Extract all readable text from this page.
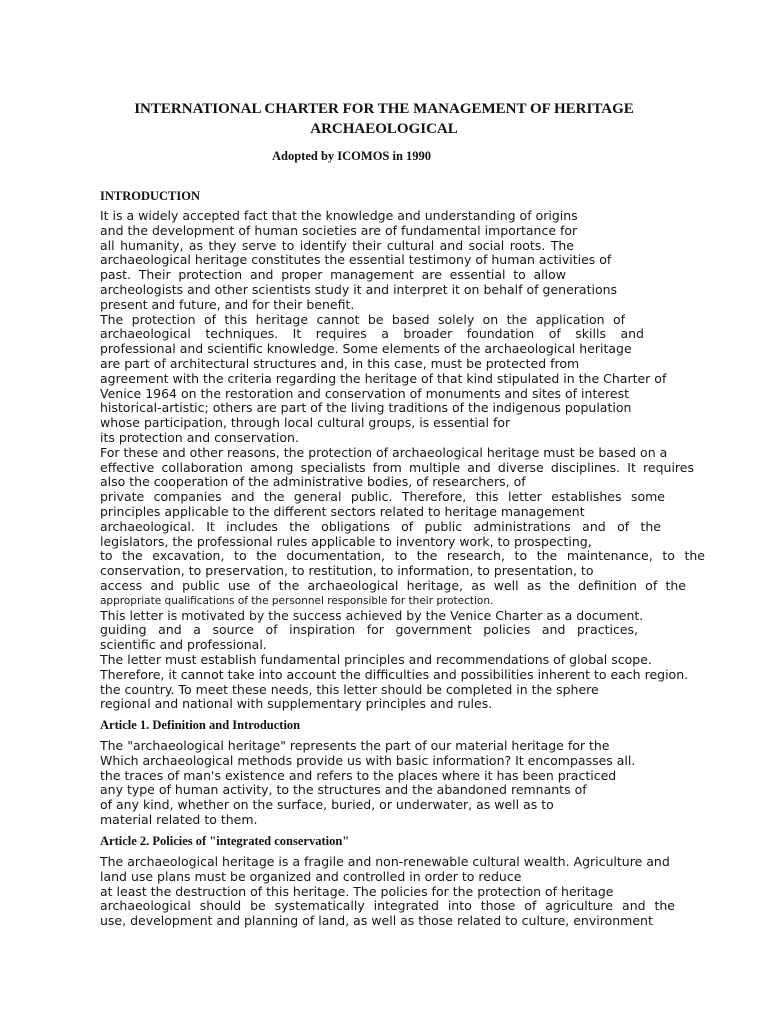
INTERNATIONAL CHARTER FOR THE MANAGEMENT OF HERITAGE
ARCHAEOLOGICAL

Adopted by ICOMOS in 1990

INTRODUCTION
It is a widely accepted fact that the knowledge and understanding of origins
and the development of human societies are of fundamental importance for
all humanity, as they serve to identify their cultural and social roots. The
archaeological heritage constitutes the essential testimony of human activities of
past. Their protection and proper management are essential to allow
archeologists and other scientists study it and interpret it on behalf of generations
present and future, and for their benefit.
The protection of this heritage cannot be based solely on the application of
archaeological techniques. It requires a broader foundation of skills and
professional and scientific knowledge. Some elements of the archaeological heritage
are part of architectural structures and, in this case, must be protected from
agreement with the criteria regarding the heritage of that kind stipulated in the Charter of
Venice 1964 on the restoration and conservation of monuments and sites of interest
historical-artistic; others are part of the living traditions of the indigenous population
whose participation, through local cultural groups, is essential for
its protection and conservation.
For these and other reasons, the protection of archaeological heritage must be based on a
effective collaboration among specialists from multiple and diverse disciplines. It requires
also the cooperation of the administrative bodies, of researchers, of
private companies and the general public. Therefore, this letter establishes some
principles applicable to the different sectors related to heritage management
archaeological. It includes the obligations of public administrations and of the
legislators, the professional rules applicable to inventory work, to prospecting,
to the excavation, to the documentation, to the research, to the maintenance, to the
conservation, to preservation, to restitution, to information, to presentation, to
access and public use of the archaeological heritage, as well as the definition of the
appropriate qualifications of the personnel responsible for their protection.
This letter is motivated by the success achieved by the Venice Charter as a document.
guiding and a source of inspiration for government policies and practices,
scientific and professional.
The letter must establish fundamental principles and recommendations of global scope.
Therefore, it cannot take into account the difficulties and possibilities inherent to each region.
the country. To meet these needs, this letter should be completed in the sphere
regional and national with supplementary principles and rules.
Article 1. Definition and Introduction
The "archaeological heritage" represents the part of our material heritage for the
Which archaeological methods provide us with basic information? It encompasses all.
the traces of man's existence and refers to the places where it has been practiced
any type of human activity, to the structures and the abandoned remnants of
of any kind, whether on the surface, buried, or underwater, as well as to
material related to them.
Article 2. Policies of "integrated conservation"
The archaeological heritage is a fragile and non-renewable cultural wealth. Agriculture and
land use plans must be organized and controlled in order to reduce
at least the destruction of this heritage. The policies for the protection of heritage
archaeological should be systematically integrated into those of agriculture and the
use, development and planning of land, as well as those related to culture, environment
